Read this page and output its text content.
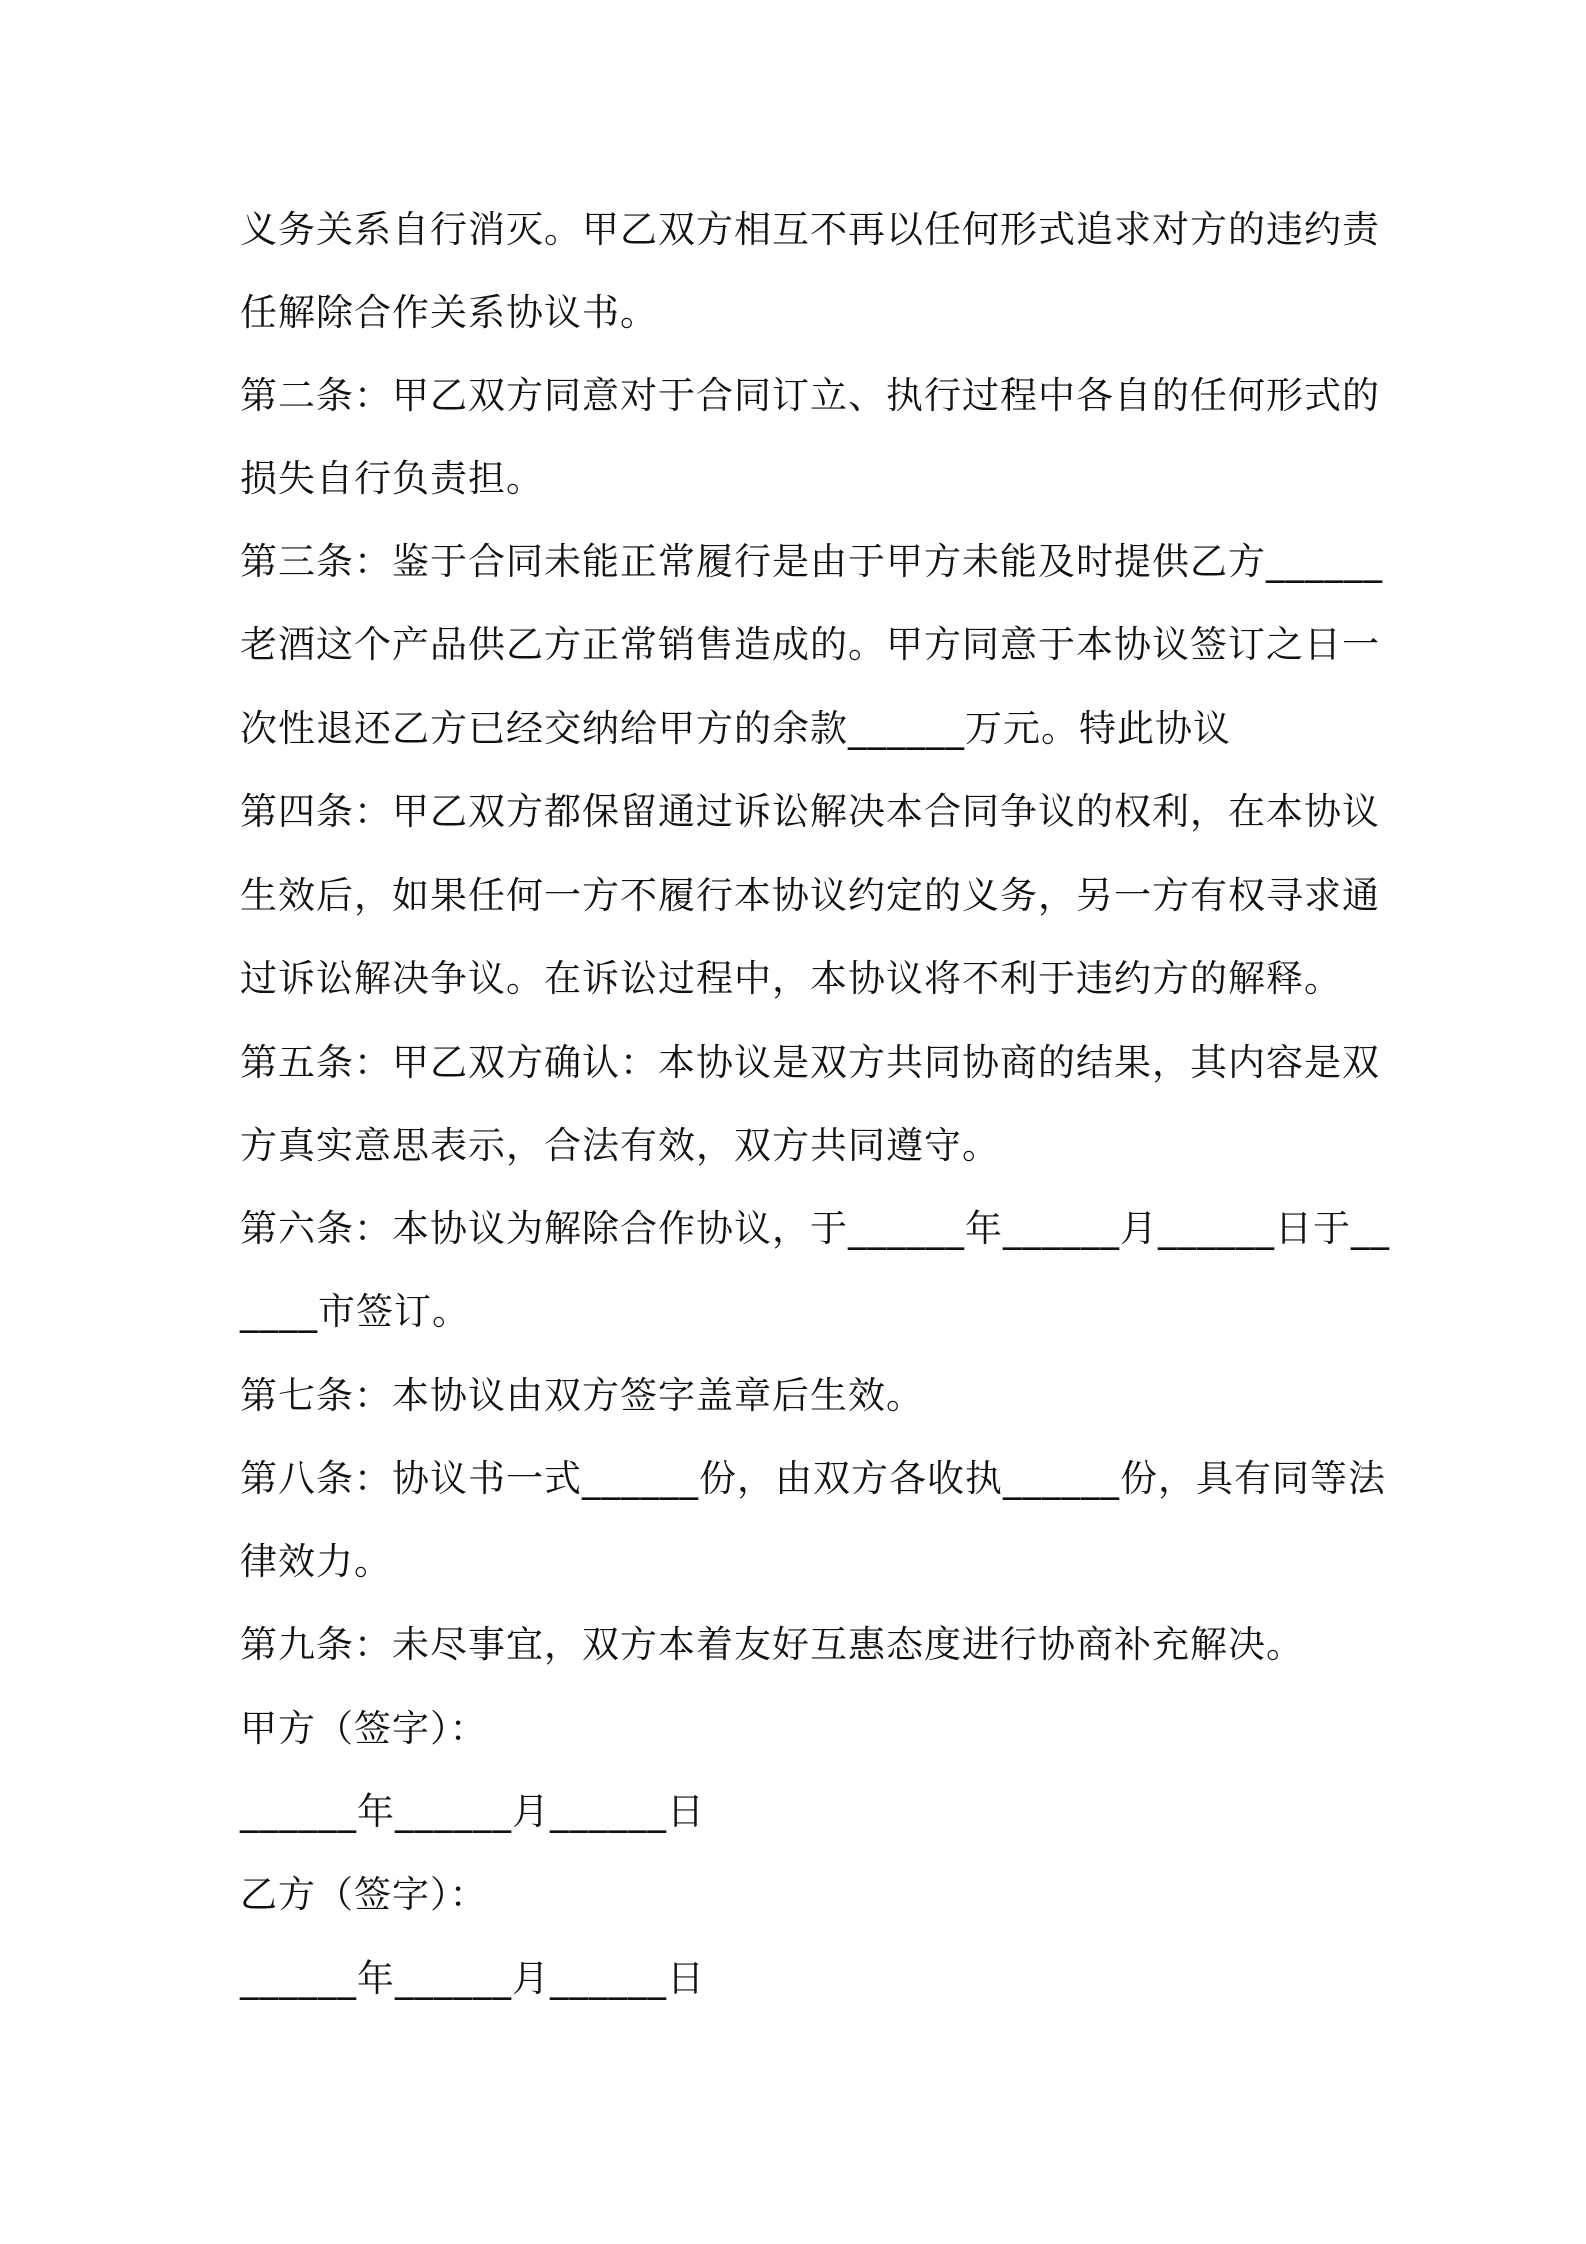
义务关系自行消灭。甲乙双方相互不再以任何形式追求对方的违约责
任解除合作关系协议书。
第二条：甲乙双方同意对于合同订立、执行过程中各自的任何形式的
损失自行负责担。
第三条：鉴于合同未能正常履行是由于甲方未能及时提供乙方______
老酒这个产品供乙方正常销售造成的。甲方同意于本协议签订之日一
次性退还乙方已经交纳给甲方的余款______万元。特此协议
第四条：甲乙双方都保留通过诉讼解决本合同争议的权利，在本协议
生效后，如果任何一方不履行本协议约定的义务，另一方有权寻求通
过诉讼解决争议。在诉讼过程中，本协议将不利于违约方的解释。
第五条：甲乙双方确认：本协议是双方共同协商的结果，其内容是双
方真实意思表示，合法有效，双方共同遵守。
第六条：本协议为解除合作协议，于______年______月______日于__
____市签订。
第七条：本协议由双方签字盖章后生效。
第八条：协议书一式______份，由双方各收执______份，具有同等法
律效力。
第九条：未尽事宜，双方本着友好互惠态度进行协商补充解决。
甲方（签字）：
______年______月______日
乙方（签字）：
______年______月______日
